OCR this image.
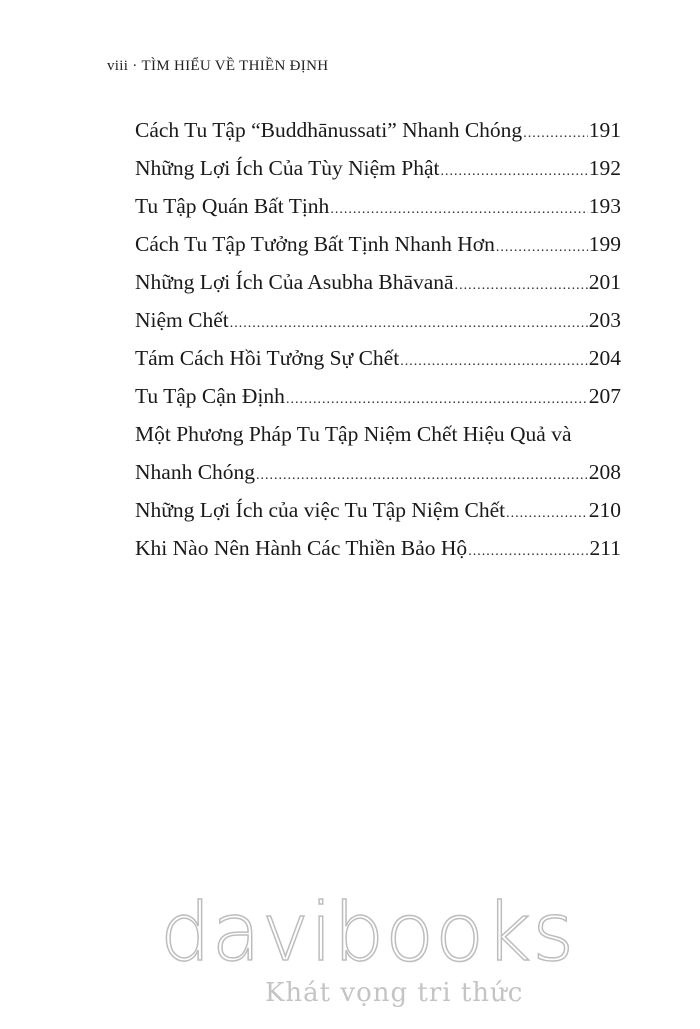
viii · TÌM HIỂU VỀ THIỀN ĐỊNH
Cách Tu Tập “Buddhānussati” Nhanh Chóng .....	191
Những Lợi Ích Của Tùy Niệm Phật .....	192
Tu Tập Quán Bất Tịnh .....	193
Cách Tu Tập Tưởng Bất Tịnh Nhanh Hơn .....	199
Những Lợi Ích Của Asubha Bhāvanā .....	201
Niệm Chết .....	203
Tám Cách Hồi Tưởng Sự Chết .....	204
Tu Tập Cận Định .....	207
Một Phương Pháp Tu Tập Niệm Chết Hiệu Quả và
Nhanh Chóng .....	208
Những Lợi Ích của việc Tu Tập Niệm Chết .....	210
Khi Nào Nên Hành Các Thiền Bảo Hộ .....	211
davibooks
Khát vọng tri thức
